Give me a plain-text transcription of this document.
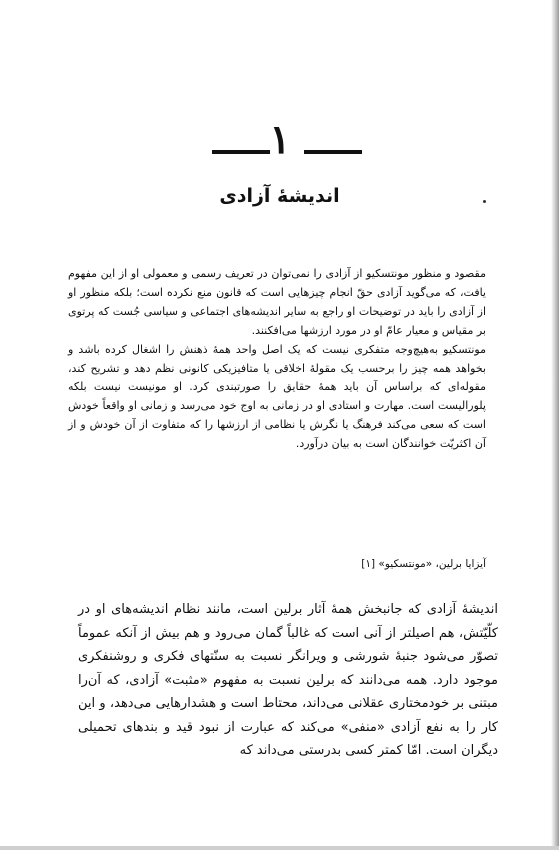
۱
اندیشهٔ آزادی

مقصود و منظور مونتسکیو از آزادی را نمی‌توان در تعریف رسمی و معمولی او از این مفهوم یافت، که می‌گوید آزادی حقّ انجام چیزهایی است که قانون منع نکرده است؛ بلکه منظور او از آزادی را باید در توضیحات او راجع به سایر اندیشه‌های اجتماعی و سیاسی جُست که پرتوی بر مقیاس و معیار عامّ او در مورد ارزشها می‌افکنند.

مونتسکیو به‌هیچ‌وجه متفکری نیست که یک اصل واحد همهٔ ذهنش را اشغال کرده باشد و بخواهد همه چیز را برحسب یک مقولهٔ اخلاقی یا متافیزیکی کانونی نظم دهد و تشریح کند، مقوله‌ای که براساس آن باید همهٔ حقایق را صورتبندی کرد. او مونیست نیست بلکه پلورالیست است. مهارت و استادی او در زمانی به اوج خود می‌رسد و زمانی او واقعاً خودش است که سعی می‌کند فرهنگ یا نگرش یا نظامی از ارزشها را که متفاوت از آن خودش و از آن اکثریّت خوانندگان است به بیان درآورد.

آیزایا برلین، «مونتسکیو» [۱]

اندیشهٔ آزادی که جانبخش همهٔ آثار برلین است، مانند نظام اندیشه‌های او در کلّیّتش، هم اصیلتر از آنی است که غالباً گمان می‌رود و هم بیش از آنکه عموماً تصوّر می‌شود جنبهٔ شورشی و ویرانگر نسبت به سنّتهای فکری و روشنفکری موجود دارد. همه می‌دانند که برلین نسبت به مفهوم «مثبت» آزادی، که آن‌را مبتنی بر خودمختاری عقلانی می‌داند، محتاط است و هشدارهایی می‌دهد، و این کار را به نفع آزادی «منفی» می‌کند که عبارت از نبود قید و بندهای تحمیلی دیگران است. امّا کمتر کسی بدرستی می‌داند که
